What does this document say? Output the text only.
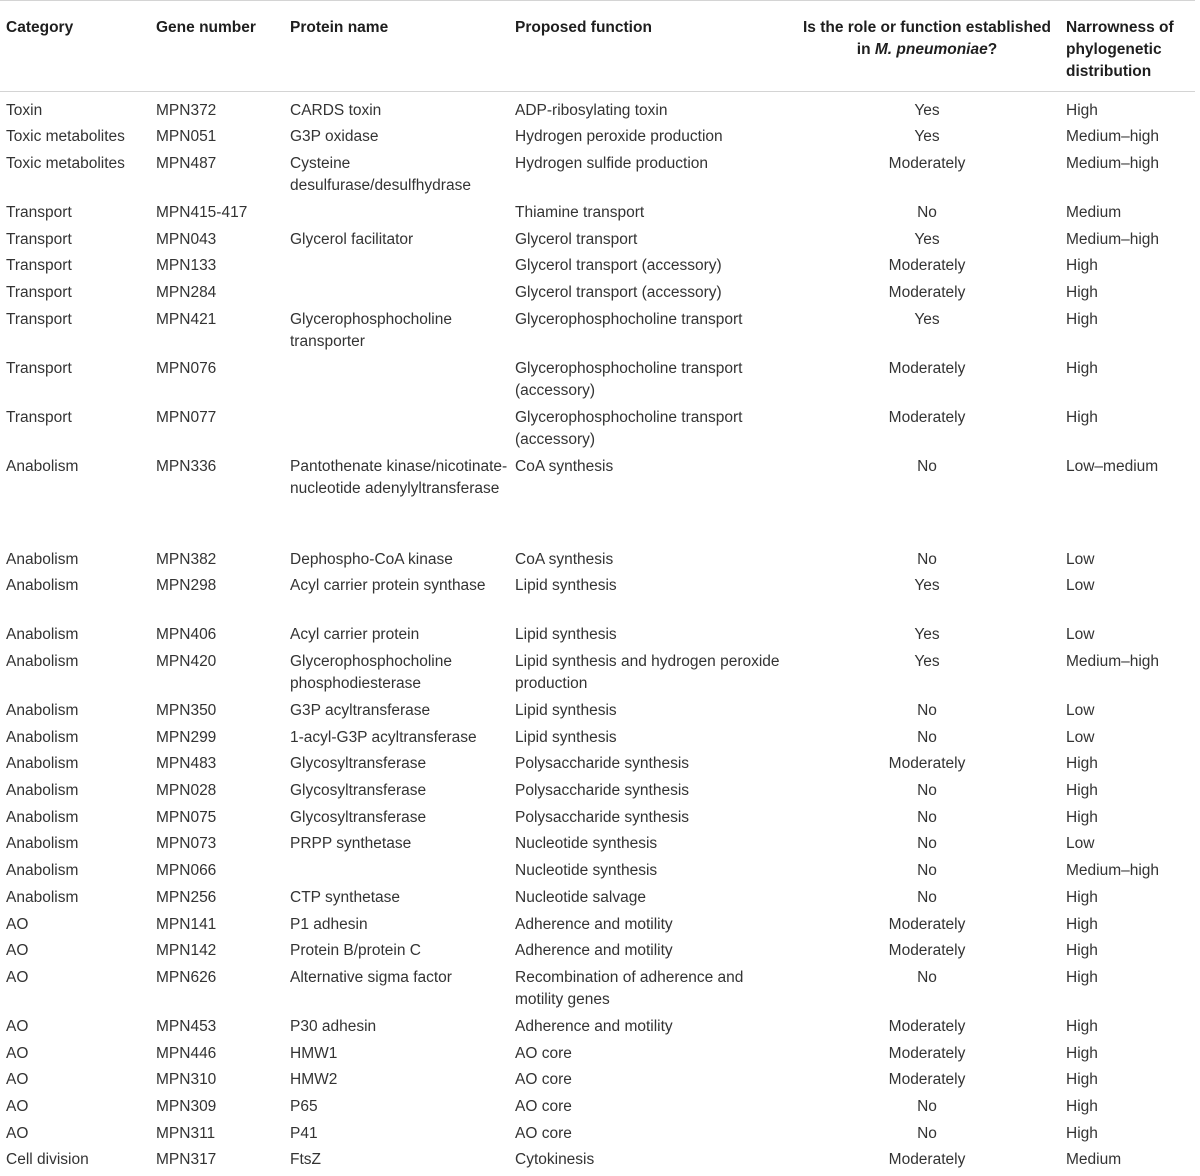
Category	Gene number	Protein name	Proposed function	Is the role or function established in M. pneumoniae?	Narrowness of phylogenetic distribution
Toxin	MPN372	CARDS toxin	ADP-ribosylating toxin	Yes	High
Toxic metabolites	MPN051	G3P oxidase	Hydrogen peroxide production	Yes	Medium–high
Toxic metabolites	MPN487	Cysteine desulfurase/desulfhydrase	Hydrogen sulfide production	Moderately	Medium–high
Transport	MPN415-417		Thiamine transport	No	Medium
Transport	MPN043	Glycerol facilitator	Glycerol transport	Yes	Medium–high
Transport	MPN133		Glycerol transport (accessory)	Moderately	High
Transport	MPN284		Glycerol transport (accessory)	Moderately	High
Transport	MPN421	Glycerophosphocholine transporter	Glycerophosphocholine transport	Yes	High
Transport	MPN076		Glycerophosphocholine transport (accessory)	Moderately	High
Transport	MPN077		Glycerophosphocholine transport (accessory)	Moderately	High
Anabolism	MPN336	Pantothenate kinase/nicotinate-nucleotide adenylyltransferase	CoA synthesis	No	Low–medium
Anabolism	MPN382	Dephospho-CoA kinase	CoA synthesis	No	Low
Anabolism	MPN298	Acyl carrier protein synthase	Lipid synthesis	Yes	Low
Anabolism	MPN406	Acyl carrier protein	Lipid synthesis	Yes	Low
Anabolism	MPN420	Glycerophosphocholine phosphodiesterase	Lipid synthesis and hydrogen peroxide production	Yes	Medium–high
Anabolism	MPN350	G3P acyltransferase	Lipid synthesis	No	Low
Anabolism	MPN299	1-acyl-G3P acyltransferase	Lipid synthesis	No	Low
Anabolism	MPN483	Glycosyltransferase	Polysaccharide synthesis	Moderately	High
Anabolism	MPN028	Glycosyltransferase	Polysaccharide synthesis	No	High
Anabolism	MPN075	Glycosyltransferase	Polysaccharide synthesis	No	High
Anabolism	MPN073	PRPP synthetase	Nucleotide synthesis	No	Low
Anabolism	MPN066		Nucleotide synthesis	No	Medium–high
Anabolism	MPN256	CTP synthetase	Nucleotide salvage	No	High
AO	MPN141	P1 adhesin	Adherence and motility	Moderately	High
AO	MPN142	Protein B/protein C	Adherence and motility	Moderately	High
AO	MPN626	Alternative sigma factor	Recombination of adherence and motility genes	No	High
AO	MPN453	P30 adhesin	Adherence and motility	Moderately	High
AO	MPN446	HMW1	AO core	Moderately	High
AO	MPN310	HMW2	AO core	Moderately	High
AO	MPN309	P65	AO core	No	High
AO	MPN311	P41	AO core	No	High
Cell division	MPN317	FtsZ	Cytokinesis	Moderately	Medium
